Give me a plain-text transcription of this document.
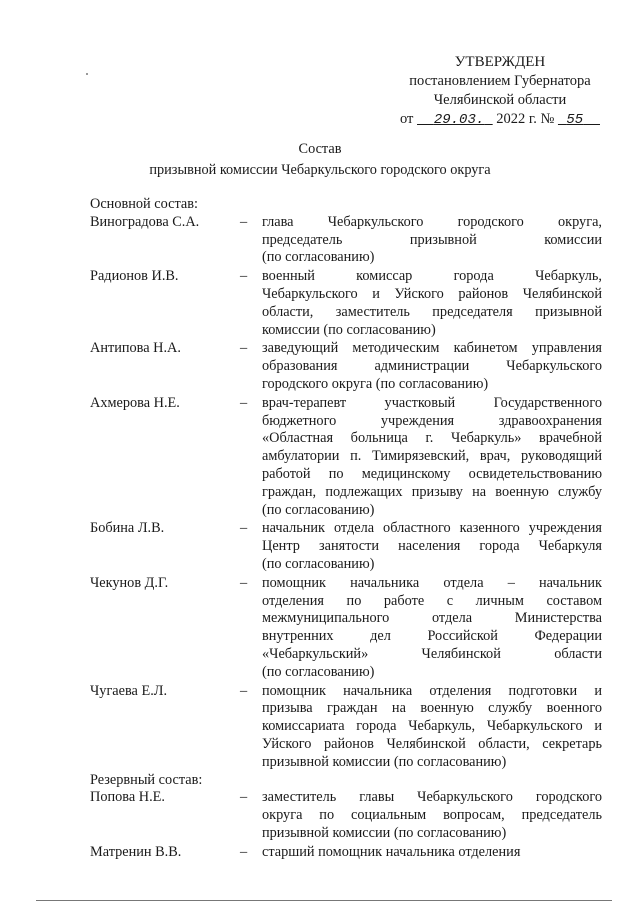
УТВЕРЖДЕН
постановлением Губернатора
Челябинской области
от 29.03. 2022 г. № 55
Состав
призывной комиссии Чебаркульского городского округа
Основной состав:
Виноградова С.А.	–	глава Чебаркульского городского округа,
председатель призывной комиссии
(по согласованию)
Радионов И.В.	–	военный комиссар города Чебаркуль,
Чебаркульского и Уйского районов Челябинской
области, заместитель председателя призывной
комиссии (по согласованию)
Антипова Н.А.	–	заведующий методическим кабинетом управления
образования администрации Чебаркульского
городского округа (по согласованию)
Ахмерова Н.Е.	–	врач-терапевт участковый Государственного
бюджетного учреждения здравоохранения
«Областная больница г. Чебаркуль» врачебной
амбулатории п. Тимирязевский, врач, руководящий
работой по медицинскому освидетельствованию
граждан, подлежащих призыву на военную службу
(по согласованию)
Бобина Л.В.	–	начальник отдела областного казенного учреждения
Центр занятости населения города Чебаркуля
(по согласованию)
Чекунов Д.Г.	–	помощник начальника отдела – начальник
отделения по работе с личным составом
межмуниципального отдела Министерства
внутренних дел Российской Федерации
«Чебаркульский» Челябинской области
(по согласованию)
Чугаева Е.Л.	–	помощник начальника отделения подготовки и
призыва граждан на военную службу военного
комиссариата города Чебаркуль, Чебаркульского и
Уйского районов Челябинской области, секретарь
призывной комиссии (по согласованию)
Резервный состав:
Попова Н.Е.	–	заместитель главы Чебаркульского городского
округа по социальным вопросам, председатель
призывной комиссии (по согласованию)
Матренин В.В.	–	старший помощник начальника отделения
